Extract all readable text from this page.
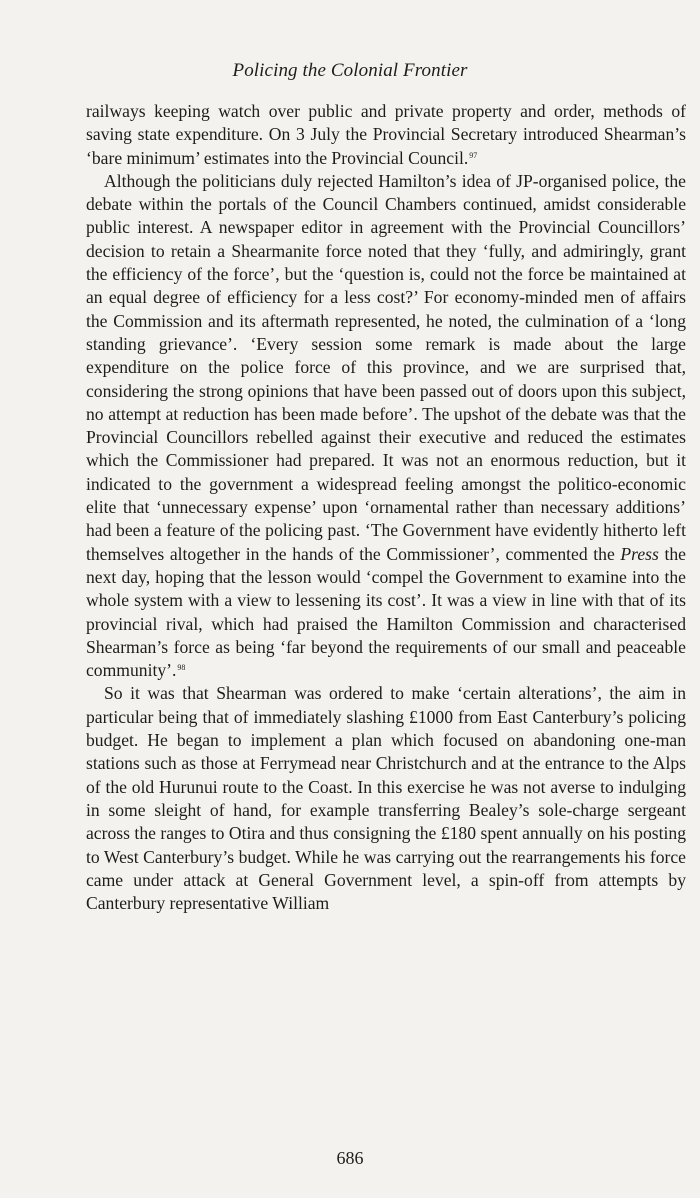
Policing the Colonial Frontier

railways keeping watch over public and private property and order, methods of saving state expenditure. On 3 July the Provincial Secretary introduced Shearman’s ‘bare minimum’ estimates into the Provincial Council.$^{97}$

Although the politicians duly rejected Hamilton’s idea of JP-organised police, the debate within the portals of the Council Chambers continued, amidst considerable public interest. A newspaper editor in agreement with the Provincial Councillors’ decision to retain a Shearmanite force noted that they ‘fully, and admiringly, grant the efficiency of the force’, but the ‘question is, could not the force be maintained at an equal degree of efficiency for a less cost?’ For economy-minded men of affairs the Commission and its aftermath represented, he noted, the culmination of a ‘long standing grievance’. ‘Every session some remark is made about the large expenditure on the police force of this province, and we are surprised that, considering the strong opinions that have been passed out of doors upon this subject, no attempt at reduction has been made before’. The upshot of the debate was that the Provincial Councillors rebelled against their executive and reduced the estimates which the Commissioner had prepared. It was not an enormous reduction, but it indicated to the government a widespread feeling amongst the politico-economic elite that ‘unnecessary expense’ upon ‘ornamental rather than necessary additions’ had been a feature of the policing past. ‘The Government have evidently hitherto left themselves altogether in the hands of the Commissioner’, commented the Press the next day, hoping that the lesson would ‘compel the Government to examine into the whole system with a view to lessening its cost’. It was a view in line with that of its provincial rival, which had praised the Hamilton Commission and characterised Shearman’s force as being ‘far beyond the requirements of our small and peaceable community’.$^{98}$

So it was that Shearman was ordered to make ‘certain alterations’, the aim in particular being that of immediately slashing £1000 from East Canterbury’s policing budget. He began to implement a plan which focused on abandoning one-man stations such as those at Ferrymead near Christchurch and at the entrance to the Alps of the old Hurunui route to the Coast. In this exercise he was not averse to indulging in some sleight of hand, for example transferring Bealey’s sole-charge sergeant across the ranges to Otira and thus consigning the £180 spent annually on his posting to West Canterbury’s budget. While he was carrying out the rearrangements his force came under attack at General Government level, a spin-off from attempts by Canterbury representative William

686
